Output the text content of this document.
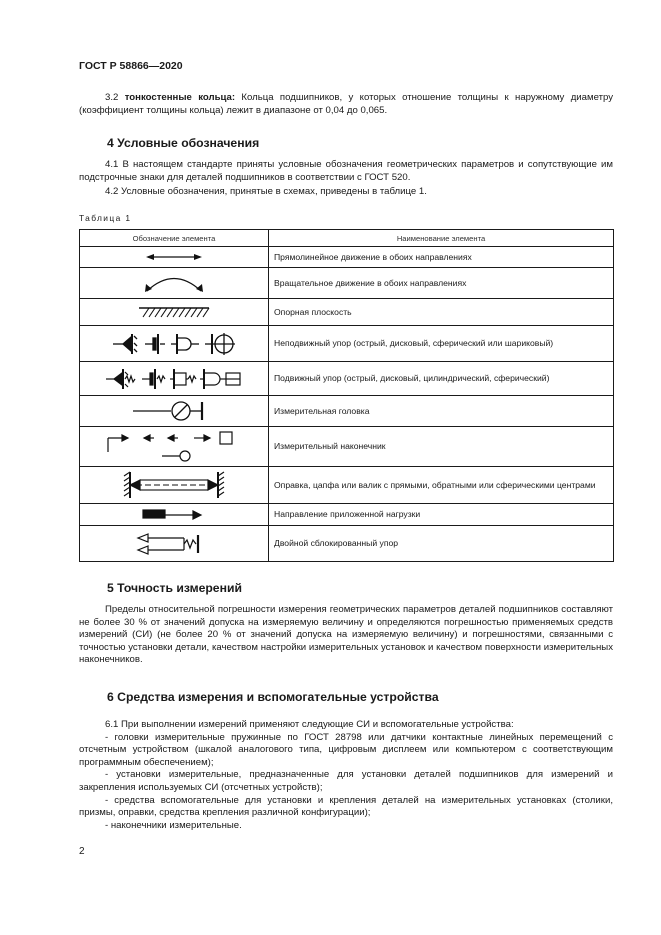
ГОСТ Р 58866—2020

3.2 тонкостенные кольца: Кольца подшипников, у которых отношение толщины к наружному диаметру (коэффициент толщины кольца) лежит в диапазоне от 0,04 до 0,065.

4 Условные обозначения

4.1 В настоящем стандарте приняты условные обозначения геометрических параметров и сопутствующие им подстрочные знаки для деталей подшипников в соответствии с ГОСТ 520.

4.2 Условные обозначения, принятые в схемах, приведены в таблице 1.

Таблица 1
Обозначение элемента	Наименование элемента

	Прямолинейное движение в обоих направлениях

	Вращательное движение в обоих направлениях

	Опорная плоскость

	Неподвижный упор (острый, дисковый, сферический или шариковый)

	Подвижный упор (острый, дисковый, цилиндрический, сферический)

	Измерительная головка

	Измерительный наконечник

	Оправка, цапфа или валик с прямыми, обратными или сферическими центрами

	Направление приложенной нагрузки

	Двойной сблокированный упор
5 Точность измерений

Пределы относительной погрешности измерения геометрических параметров деталей подшипников составляют не более 30 % от значений допуска на измеряемую величину и определяются погрешностью применяемых средств измерений (СИ) (не более 20 % от значений допуска на измеряемую величину) и погрешностями, связанными с точностью установки детали, качеством настройки измерительных установок и качеством поверхности измерительных наконечников.

6 Средства измерения и вспомогательные устройства

6.1 При выполнении измерений применяют следующие СИ и вспомогательные устройства:

- головки измерительные пружинные по ГОСТ 28798 или датчики контактные линейных перемещений с отсчетным устройством (шкалой аналогового типа, цифровым дисплеем или компьютером с соответствующим программным обеспечением);

- установки измерительные, предназначенные для установки деталей подшипников для измерений и закрепления используемых СИ (отсчетных устройств);

- средства вспомогательные для установки и крепления деталей на измерительных установках (столики, призмы, оправки, средства крепления различной конфигурации);

- наконечники измерительные.

2
